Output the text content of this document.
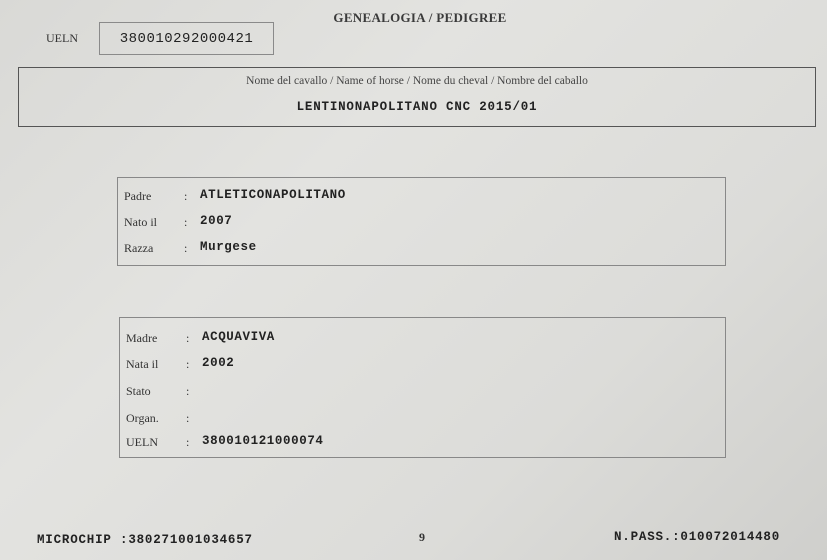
GENEALOGIA / PEDIGREE
UELN	380010292000421
Nome del cavallo / Name of horse / Nome du cheval / Nombre del caballo
LENTINONAPOLITANO CNC 2015/01
Padre	: ATLETICONAPOLITANO
Nato il : 2007
Razza	: Murgese
Madre : ACQUAVIVA
Nata il : 2002
Stato	:
Organ. :
UELN : 380010121000074
MICROCHIP :380271001034657	9	N.PASS.:010072014480
